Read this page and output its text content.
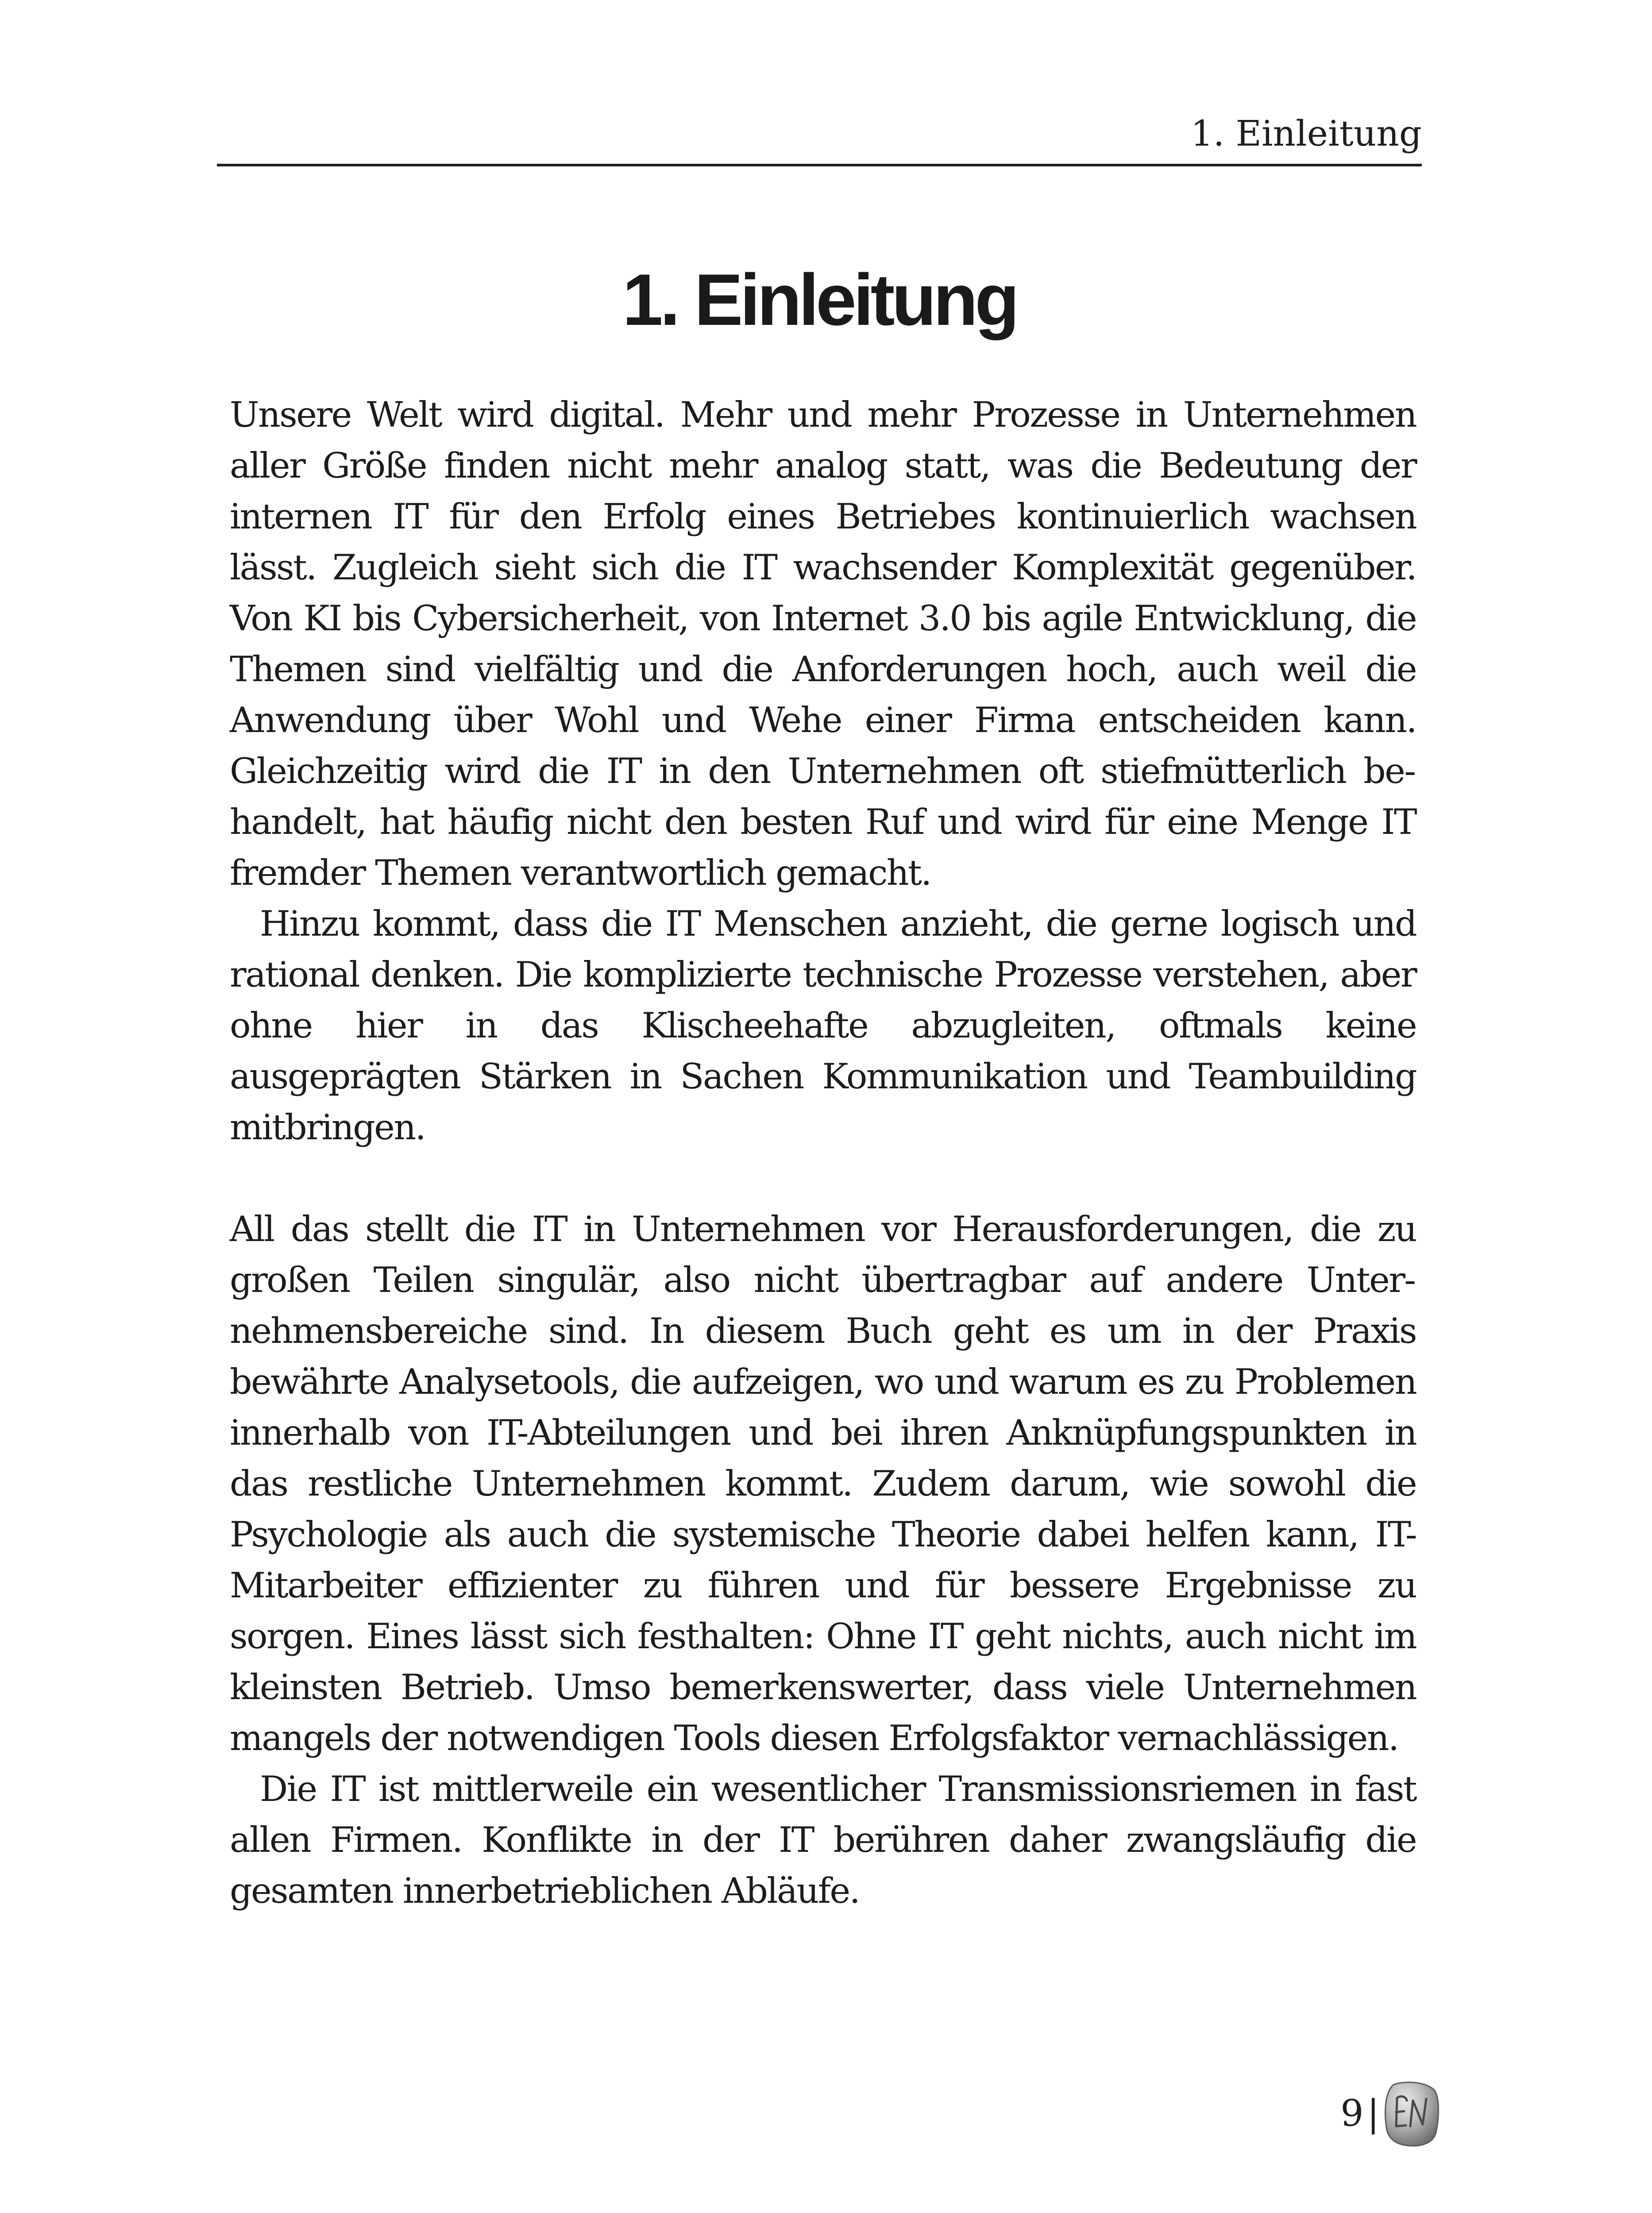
1. Einleitung
1. Einleitung

Unsere Welt wird digital. Mehr und mehr Prozesse in Unternehmen aller Größe finden nicht mehr analog statt, was die Bedeutung der internen IT für den Erfolg eines Betriebes kontinuierlich wachsen lässt. Zugleich sieht sich die IT wachsender Komplexität gegenüber. Von KI bis Cybersicherheit, von Internet 3.0 bis agile Entwicklung, die Themen sind vielfältig und die Anforderungen hoch, auch weil die Anwendung über Wohl und Wehe einer Firma entscheiden kann. Gleichzeitig wird die IT in den Unternehmen oft stiefmütterlich behandelt, hat häufig nicht den besten Ruf und wird für eine Menge IT fremder Themen verantwortlich gemacht.

Hinzu kommt, dass die IT Menschen anzieht, die gerne logisch und rational denken. Die komplizierte technische Prozesse verstehen, aber ohne hier in das Klischeehafte abzugleiten, oftmals keine ausgeprägten Stärken in Sachen Kommunikation und Teambuilding mitbringen.

All das stellt die IT in Unternehmen vor Herausforderungen, die zu großen Teilen singulär, also nicht übertragbar auf andere Unternehmensbereiche sind. In diesem Buch geht es um in der Praxis bewährte Analysetools, die aufzeigen, wo und warum es zu Problemen innerhalb von IT-Abteilungen und bei ihren Anknüpfungspunkten in das restliche Unternehmen kommt. Zudem darum, wie sowohl die Psychologie als auch die systemische Theorie dabei helfen kann, IT-Mitarbeiter effizienter zu führen und für bessere Ergebnisse zu sorgen. Eines lässt sich festhalten: Ohne IT geht nichts, auch nicht im kleinsten Betrieb. Umso bemerkenswerter, dass viele Unternehmen mangels der notwendigen Tools diesen Erfolgsfaktor vernachlässigen.

Die IT ist mittlerweile ein wesentlicher Transmissionsriemen in fast allen Firmen. Konflikte in der IT berühren daher zwangsläufig die gesamten innerbetrieblichen Abläufe.

9 |
